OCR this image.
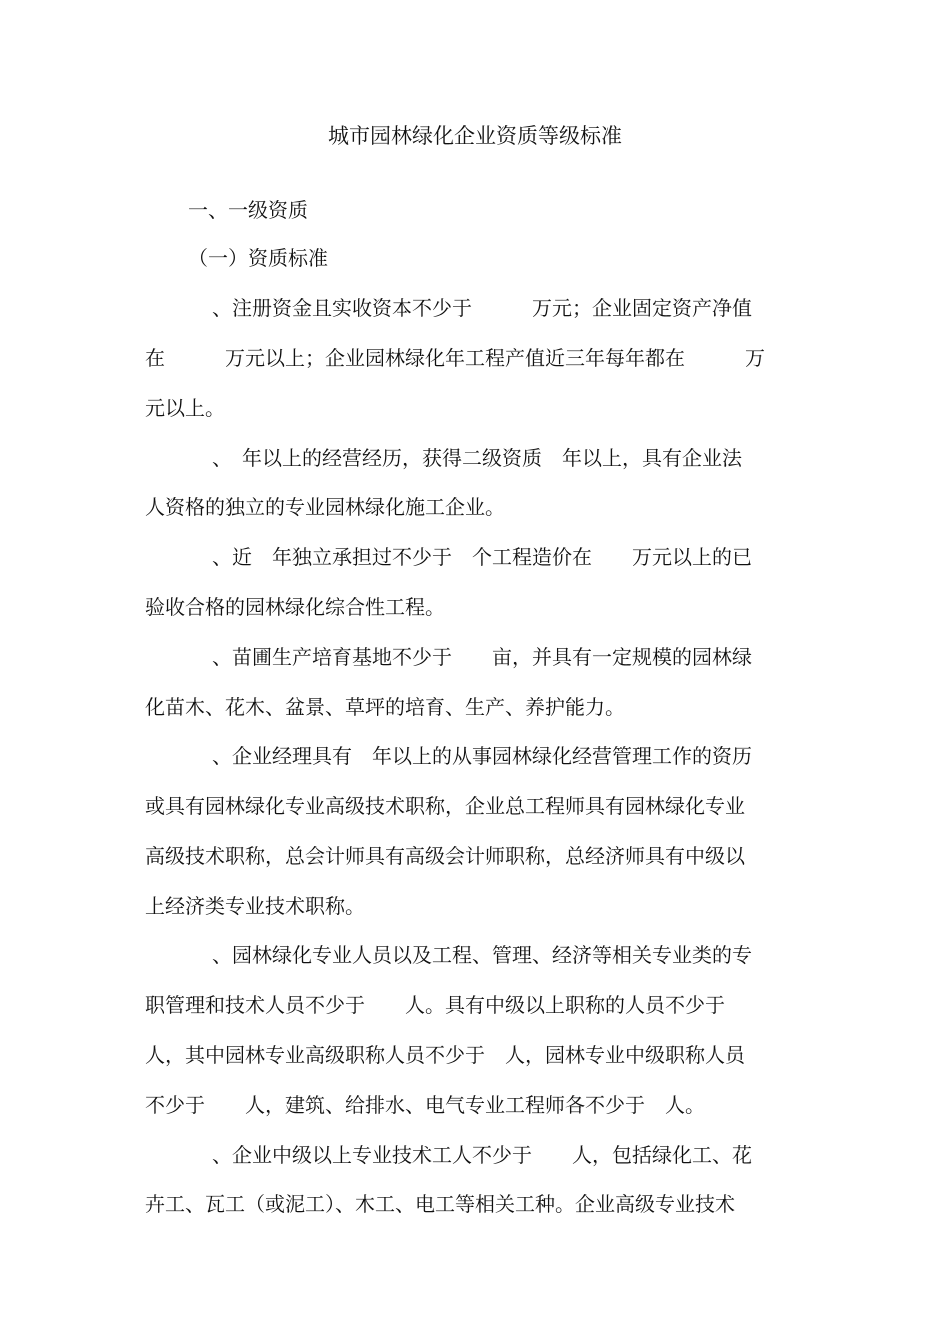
城市园林绿化企业资质等级标准
一、一级资质
（一）资质标准
、注册资金且实收资本不少于　　　万元；企业固定资产净值
在　　　万元以上；企业园林绿化年工程产值近三年每年都在　　　万
元以上。
、　年以上的经营经历，获得二级资质　年以上，具有企业法
人资格的独立的专业园林绿化施工企业。
、近　年独立承担过不少于　个工程造价在　　万元以上的已
验收合格的园林绿化综合性工程。
、苗圃生产培育基地不少于　　亩，并具有一定规模的园林绿
化苗木、花木、盆景、草坪的培育、生产、养护能力。
、企业经理具有　年以上的从事园林绿化经营管理工作的资历
或具有园林绿化专业高级技术职称，企业总工程师具有园林绿化专业
高级技术职称，总会计师具有高级会计师职称，总经济师具有中级以
上经济类专业技术职称。
、园林绿化专业人员以及工程、管理、经济等相关专业类的专
职管理和技术人员不少于　　人。具有中级以上职称的人员不少于
人，其中园林专业高级职称人员不少于　人，园林专业中级职称人员
不少于　　人，建筑、给排水、电气专业工程师各不少于　人。
、企业中级以上专业技术工人不少于　　人，包括绿化工、花
卉工、瓦工（或泥工）、木工、电工等相关工种。企业高级专业技术
